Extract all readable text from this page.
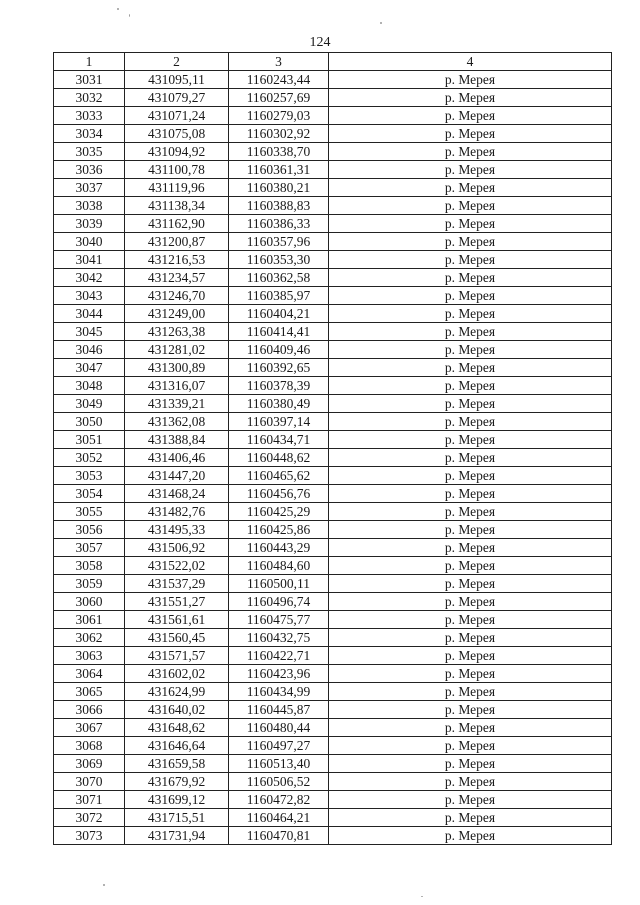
124
1	2	3	4
3031	431095,11	1160243,44	р. Мерея
3032	431079,27	1160257,69	р. Мерея
3033	431071,24	1160279,03	р. Мерея
3034	431075,08	1160302,92	р. Мерея
3035	431094,92	1160338,70	р. Мерея
3036	431100,78	1160361,31	р. Мерея
3037	431119,96	1160380,21	р. Мерея
3038	431138,34	1160388,83	р. Мерея
3039	431162,90	1160386,33	р. Мерея
3040	431200,87	1160357,96	р. Мерея
3041	431216,53	1160353,30	р. Мерея
3042	431234,57	1160362,58	р. Мерея
3043	431246,70	1160385,97	р. Мерея
3044	431249,00	1160404,21	р. Мерея
3045	431263,38	1160414,41	р. Мерея
3046	431281,02	1160409,46	р. Мерея
3047	431300,89	1160392,65	р. Мерея
3048	431316,07	1160378,39	р. Мерея
3049	431339,21	1160380,49	р. Мерея
3050	431362,08	1160397,14	р. Мерея
3051	431388,84	1160434,71	р. Мерея
3052	431406,46	1160448,62	р. Мерея
3053	431447,20	1160465,62	р. Мерея
3054	431468,24	1160456,76	р. Мерея
3055	431482,76	1160425,29	р. Мерея
3056	431495,33	1160425,86	р. Мерея
3057	431506,92	1160443,29	р. Мерея
3058	431522,02	1160484,60	р. Мерея
3059	431537,29	1160500,11	р. Мерея
3060	431551,27	1160496,74	р. Мерея
3061	431561,61	1160475,77	р. Мерея
3062	431560,45	1160432,75	р. Мерея
3063	431571,57	1160422,71	р. Мерея
3064	431602,02	1160423,96	р. Мерея
3065	431624,99	1160434,99	р. Мерея
3066	431640,02	1160445,87	р. Мерея
3067	431648,62	1160480,44	р. Мерея
3068	431646,64	1160497,27	р. Мерея
3069	431659,58	1160513,40	р. Мерея
3070	431679,92	1160506,52	р. Мерея
3071	431699,12	1160472,82	р. Мерея
3072	431715,51	1160464,21	р. Мерея
3073	431731,94	1160470,81	р. Мерея
